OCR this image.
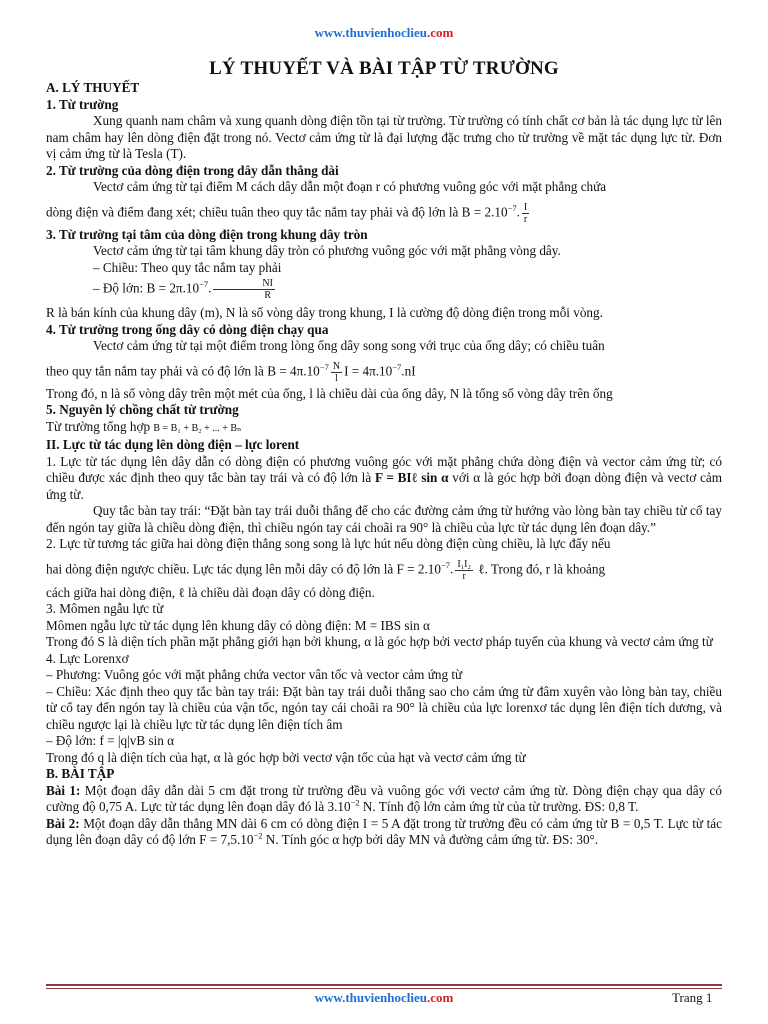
www.thuvienhoclieu.com
LÝ THUYẾT VÀ BÀI TẬP TỪ TRƯỜNG

A. LÝ THUYẾT

1. Từ trường

Xung quanh nam châm và xung quanh dòng điện tồn tại từ trường. Từ trường có tính chất cơ bản là tác dụng lực từ lên nam châm hay lên dòng điện đặt trong nó. Vectơ cảm ứng từ là đại lượng đặc trưng cho từ trường về mặt tác dụng lực từ. Đơn vị cảm ứng từ là Tesla (T).

2. Từ trường của dòng điện trong dây dẫn thẳng dài

Vectơ cảm ứng từ tại điểm M cách dây dẫn một đoạn r có phương vuông góc với mặt phẳng chứa

dòng điện và điểm đang xét; chiều tuân theo quy tắc nắm tay phải và độ lớn là $B = 2.10^{-7}$. $\frac{I}{r}$

3. Từ trường tại tâm của dòng điện trong khung dây tròn

Vectơ cảm ứng từ tại tâm khung dây tròn có phương vuông góc với mặt phẳng vòng dây.

– Chiều: Theo quy tắc nắm tay phải

– Độ lớn: $B = 2\pi.10^{-7}$. $\frac{NI}{R}$

R là bán kính của khung dây (m), N là số vòng dây trong khung, I là cường độ dòng điện trong mỗi vòng.

4. Từ trường trong ống dây có dòng điện chạy qua

Vectơ cảm ứng từ tại một điểm trong lòng ống dây song song với trục của ống dây; có chiều tuân

theo quy tắn nắm tay phải và có độ lớn là $B = 4\pi.10^{-7} \frac{N}{l}$ $I = 4\pi.10^{-7}.nI$

Trong đó, n là số vòng dây trên một mét của ống, l là chiều dài của ống dây, N là tổng số vòng dây trên ống

5. Nguyên lý chồng chất từ trường

Từ trường tổng hợp B = B₁ + B₂ + ... + Bₙ

II. Lực từ tác dụng lên dòng điện – lực lorent

1. Lực từ tác dụng lên dây dẫn có dòng điện có phương vuông góc với mặt phẳng chứa dòng điện và vector cảm ứng từ; có chiều được xác định theo quy tắc bàn tay trái và có độ lớn là F = BIℓ sin α với α là góc hợp bởi đoạn dòng điện và vectơ cảm ứng từ.

Quy tắc bàn tay trái: “Đặt bàn tay trái duỗi thẳng để cho các đường cảm ứng từ hướng vào lòng bàn tay chiều từ cổ tay đến ngón tay giữa là chiều dòng điện, thì chiều ngón tay cái choãi ra 90° là chiều của lực từ tác dụng lên đoạn dây.”

2. Lực từ tương tác giữa hai dòng điện thẳng song song là lực hút nếu dòng điện cùng chiều, là lực đẩy nếu

hai dòng điện ngược chiều. Lực tác dụng lên mỗi dây có độ lớn là $F = 2.10^{-7}$. $\frac{\text{I₁I₂}}{r}$ ℓ. Trong đó, r là khoảng

cách giữa hai dòng điện, ℓ là chiều dài đoạn dây có dòng điện.

3. Mômen ngẫu lực từ

Mômen ngẫu lực từ tác dụng lên khung dây có dòng điện: M = IBS sin α

Trong đó S là diện tích phần mặt phẳng giới hạn bởi khung, α là góc hợp bởi vectơ pháp tuyến của khung và vectơ cảm ứng từ

4. Lực Lorenxơ

– Phương: Vuông góc với mặt phẳng chứa vector vân tốc và vector cảm ứng từ

– Chiều: Xác định theo quy tắc bàn tay trái: Đặt bàn tay trái duỗi thẳng sao cho cảm ứng từ đâm xuyên vào lòng bàn tay, chiều từ cổ tay đến ngón tay là chiều của vận tốc, ngón tay cái choãi ra 90° là chiều của lực lorenxơ tác dụng lên điện tích dương, và chiều ngược lại là chiều lực từ tác dụng lên điện tích âm

– Độ lớn: f = |q|vB sin α

Trong đó q là diện tích của hạt, α là góc hợp bởi vectơ vận tốc của hạt và vectơ cảm ứng từ

B. BÀI TẬP

Bài 1: Một đoạn dây dẫn dài 5 cm đặt trong từ trường đều và vuông góc với vectơ cảm ứng từ. Dòng điện chạy qua dây có cường độ 0,75 A. Lực từ tác dụng lên đoạn dây đó là $3.10^{-2}$ N. Tính độ lớn cảm ứng từ của từ trường. ĐS: 0,8 T.

Bài 2: Một đoạn dây dẫn thẳng MN dài 6 cm có dòng điện I = 5 A đặt trong từ trường đều có cảm ứng từ B = 0,5 T. Lực từ tác dụng lên đoạn dây có độ lớn $F = 7,5.10^{-2}$ N. Tính góc α hợp bởi dây MN và đường cảm ứng từ. ĐS: 30°.

www.thuvienhoclieu.com	Trang 1
